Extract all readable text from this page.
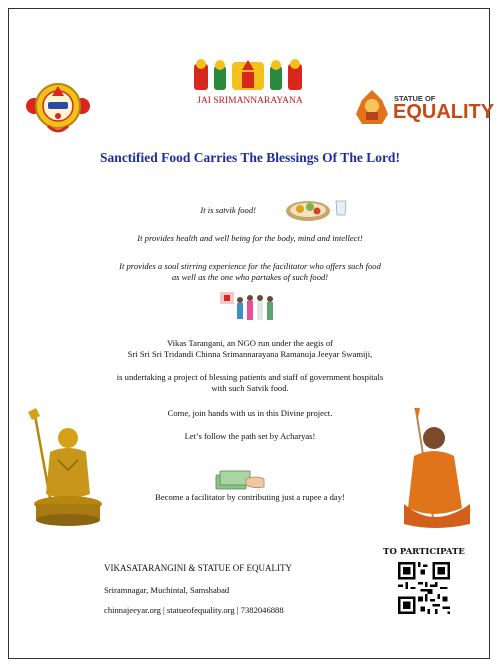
JAI SRIMANNARAYANA	STATUE OF
EQUALITY
Sanctified Food Carries The Blessings Of The Lord!
It is satvik food!
It provides health and well being for the body, mind and intellect!
It provides a soul stirring experience for the facilitator who offers such food
as well as the one who partakes of such food!
Vikas Tarangani, an NGO run under the aegis of
Sri Sri Sri Tridandi Chinna Srimannarayana Ramanuja Jeeyar Swamiji,
is undertaking a project of blessing patients and staff of government hospitals
with such Satvik food.
Come, join hands with us in this Divine project.
Let’s follow the path set by Acharyas!
Become a facilitator by contributing just a rupee a day!
VIKASATARANGINI & STATUE OF EQUALITY
Sriramnagar, Muchintal, Samshabad
chinnajeeyar.org | statueofequality.org | 7382046888
TO PARTICIPATE
